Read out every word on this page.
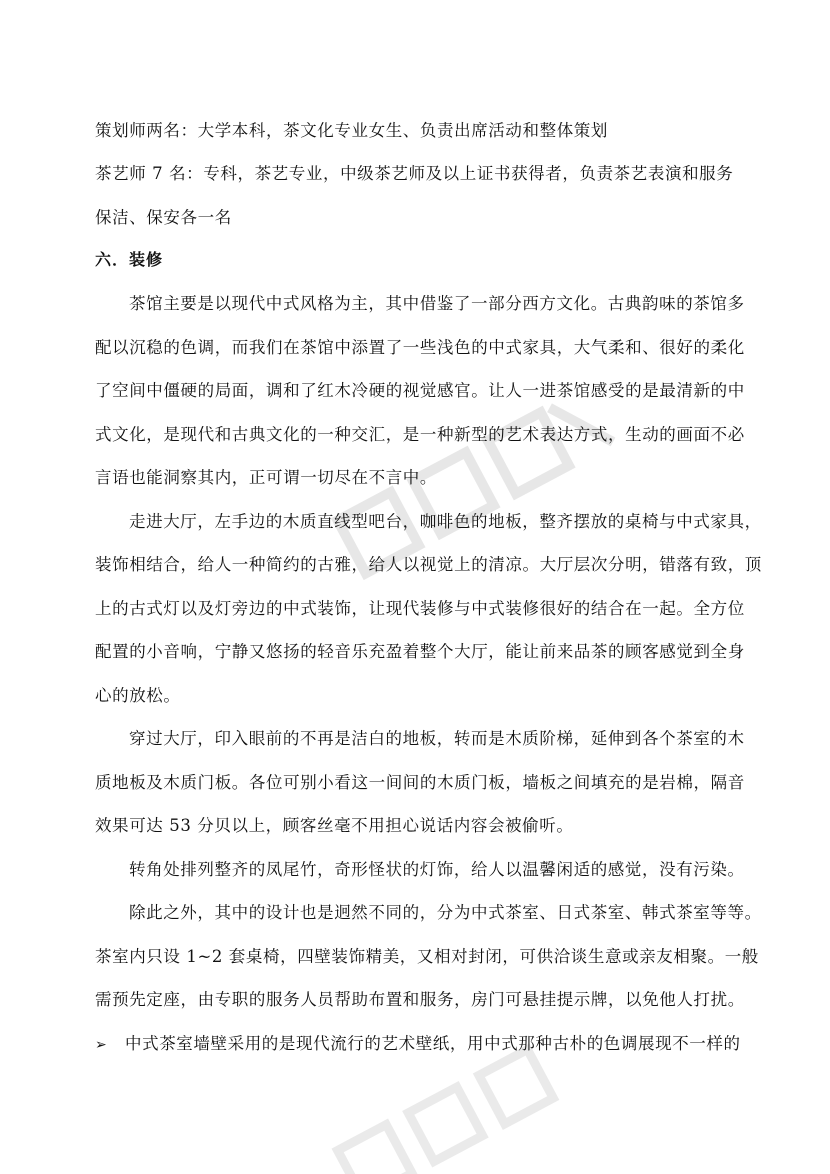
策划师两名：大学本科，茶文化专业女生、负责出席活动和整体策划
茶艺师 7 名：专科，茶艺专业，中级茶艺师及以上证书获得者，负责茶艺表演和服务
保洁、保安各一名
六．装修
茶馆主要是以现代中式风格为主，其中借鉴了一部分西方文化。古典韵味的茶馆多
配以沉稳的色调，而我们在茶馆中添置了一些浅色的中式家具，大气柔和、很好的柔化
了空间中僵硬的局面，调和了红木冷硬的视觉感官。让人一进茶馆感受的是最清新的中
式文化，是现代和古典文化的一种交汇，是一种新型的艺术表达方式，生动的画面不必
言语也能洞察其内，正可谓一切尽在不言中。
走进大厅，左手边的木质直线型吧台，咖啡色的地板，整齐摆放的桌椅与中式家具，
装饰相结合，给人一种简约的古雅，给人以视觉上的清凉。大厅层次分明，错落有致，顶
上的古式灯以及灯旁边的中式装饰，让现代装修与中式装修很好的结合在一起。全方位
配置的小音响，宁静又悠扬的轻音乐充盈着整个大厅，能让前来品茶的顾客感觉到全身
心的放松。
穿过大厅，印入眼前的不再是洁白的地板，转而是木质阶梯，延伸到各个茶室的木
质地板及木质门板。各位可别小看这一间间的木质门板，墙板之间填充的是岩棉，隔音
效果可达 53 分贝以上，顾客丝毫不用担心说话内容会被偷听。
转角处排列整齐的凤尾竹，奇形怪状的灯饰，给人以温馨闲适的感觉，没有污染。
除此之外，其中的设计也是迥然不同的，分为中式茶室、日式茶室、韩式茶室等等。
茶室内只设 1~2 套桌椅，四壁装饰精美，又相对封闭，可供洽谈生意或亲友相聚。一般
需预先定座，由专职的服务人员帮助布置和服务，房门可悬挂提示牌，以免他人打扰。
➢ 中式茶室墙壁采用的是现代流行的艺术壁纸，用中式那种古朴的色调展现不一样的
